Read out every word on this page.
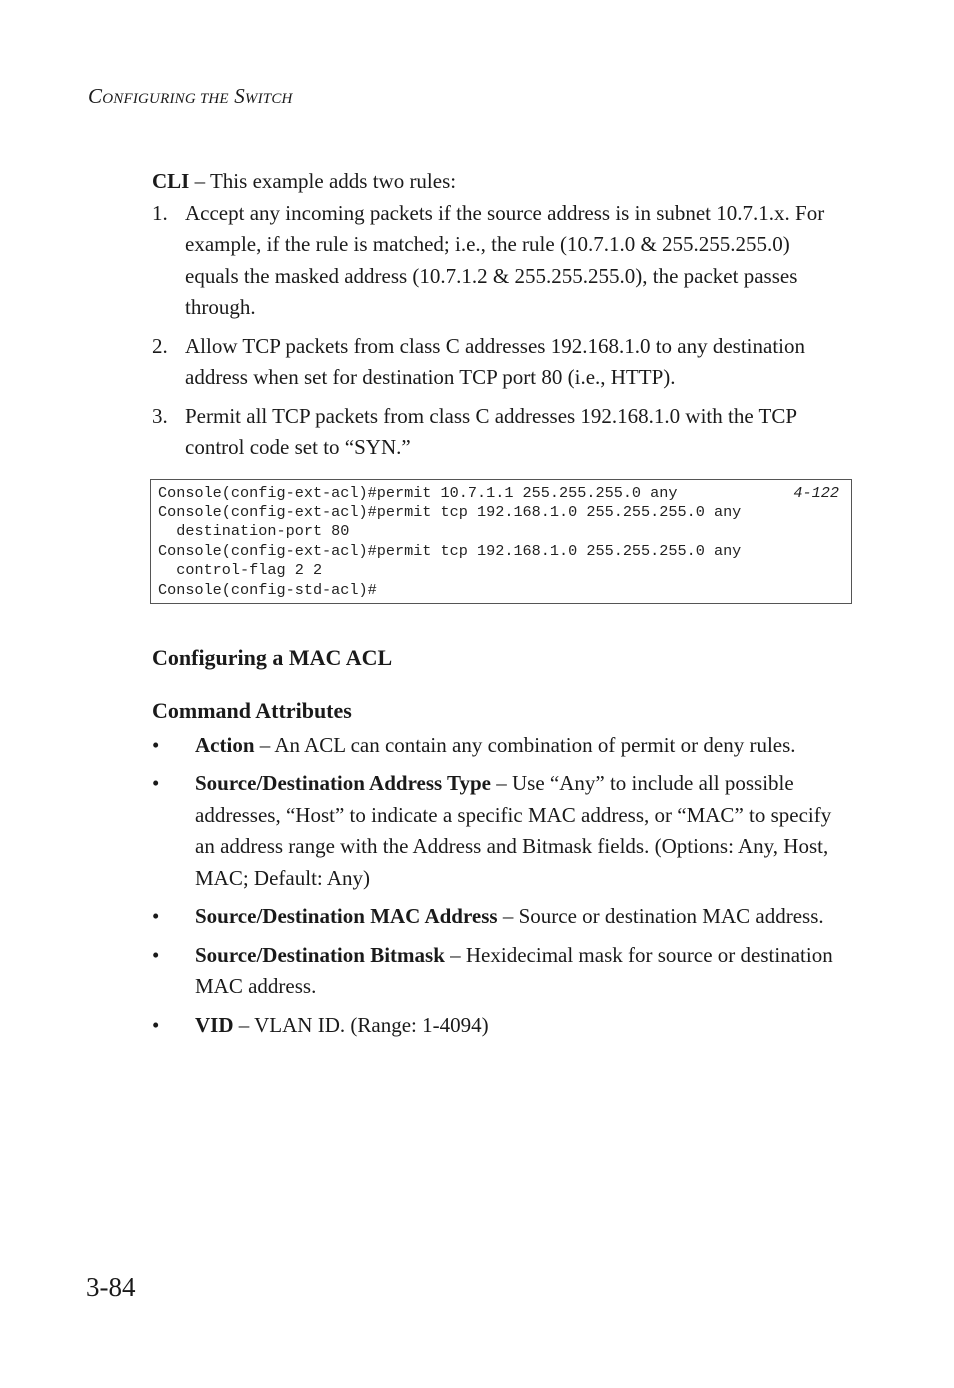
CONFIGURING THE SWITCH

CLI – This example adds two rules:

1. Accept any incoming packets if the source address is in subnet 10.7.1.x. For example, if the rule is matched; i.e., the rule (10.7.1.0 & 255.255.255.0) equals the masked address (10.7.1.2 & 255.255.255.0), the packet passes through.
2. Allow TCP packets from class C addresses 192.168.1.0 to any destination address when set for destination TCP port 80 (i.e., HTTP).
3. Permit all TCP packets from class C addresses 192.168.1.0 with the TCP control code set to “SYN.”
4-122
Console(config-ext-acl)#permit 10.7.1.1 255.255.255.0 any
Console(config-ext-acl)#permit tcp 192.168.1.0 255.255.255.0 any
destination-port 80
Console(config-ext-acl)#permit tcp 192.168.1.0 255.255.255.0 any
control-flag 2 2
Console(config-std-acl)#
Configuring a MAC ACL
Command Attributes
• Action – An ACL can contain any combination of permit or deny rules.
• Source/Destination Address Type – Use “Any” to include all possible addresses, “Host” to indicate a specific MAC address, or “MAC” to specify an address range with the Address and Bitmask fields. (Options: Any, Host, MAC; Default: Any)
• Source/Destination MAC Address – Source or destination MAC address.
• Source/Destination Bitmask – Hexidecimal mask for source or destination MAC address.
• VID – VLAN ID. (Range: 1-4094)
3-84
